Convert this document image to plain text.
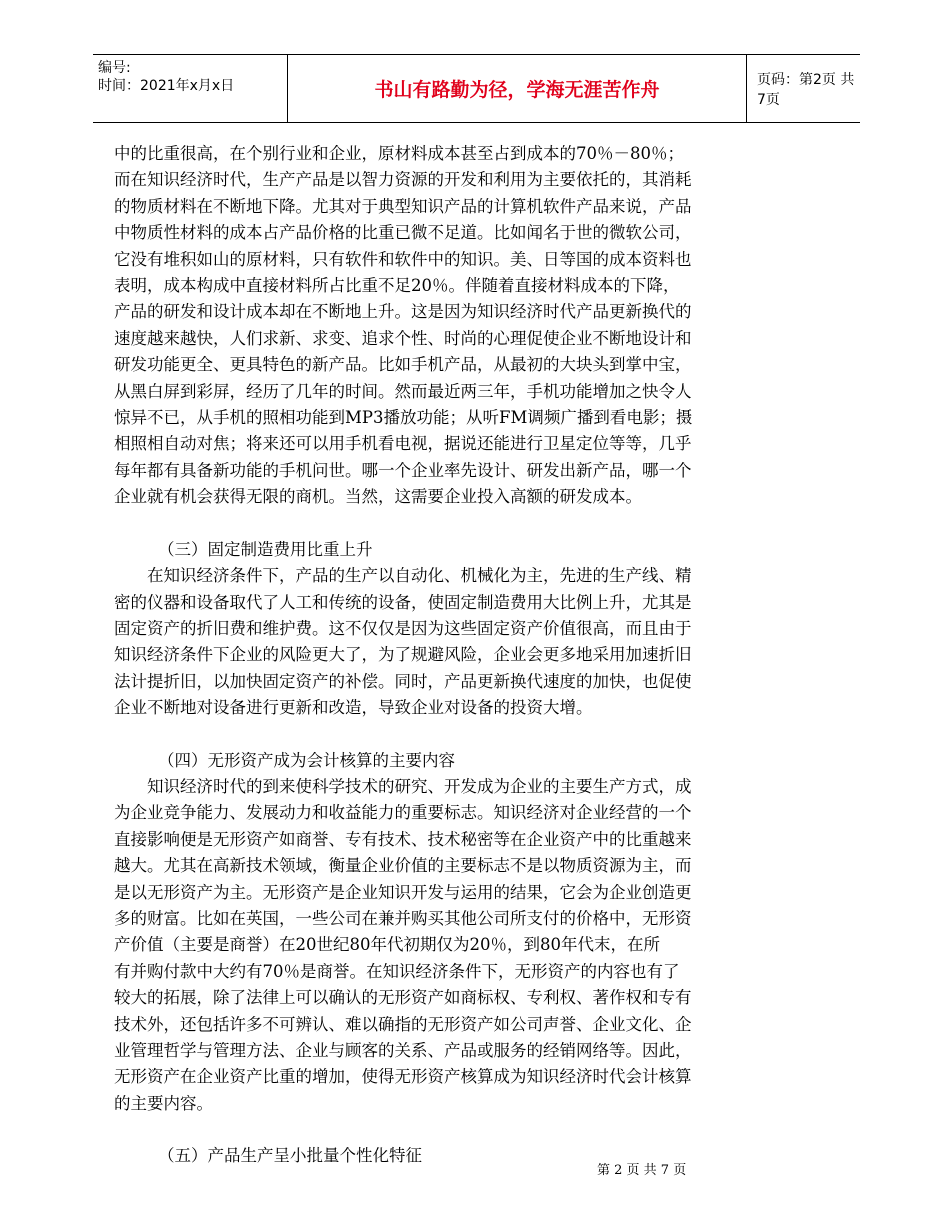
编号:
时间：2021年x月x日	书山有路勤为径，学海无涯苦作舟	页码：第2页 共7页

中的比重很高，在个别行业和企业，原材料成本甚至占到成本的70％－80％；

而在知识经济时代，生产产品是以智力资源的开发和利用为主要依托的，其消耗

的物质材料在不断地下降。尤其对于典型知识产品的计算机软件产品来说，产品

中物质性材料的成本占产品价格的比重已微不足道。比如闻名于世的微软公司，

它没有堆积如山的原材料，只有软件和软件中的知识。美、日等国的成本资料也

表明，成本构成中直接材料所占比重不足20％。伴随着直接材料成本的下降，

产品的研发和设计成本却在不断地上升。这是因为知识经济时代产品更新换代的

速度越来越快，人们求新、求变、追求个性、时尚的心理促使企业不断地设计和

研发功能更全、更具特色的新产品。比如手机产品，从最初的大块头到掌中宝，

从黑白屏到彩屏，经历了几年的时间。然而最近两三年，手机功能增加之快令人

惊异不已，从手机的照相功能到MP3播放功能；从听FM调频广播到看电影；摄

相照相自动对焦；将来还可以用手机看电视，据说还能进行卫星定位等等，几乎

每年都有具备新功能的手机问世。哪一个企业率先设计、研发出新产品，哪一个

企业就有机会获得无限的商机。当然，这需要企业投入高额的研发成本。

（三）固定制造费用比重上升

在知识经济条件下，产品的生产以自动化、机械化为主，先进的生产线、精

密的仪器和设备取代了人工和传统的设备，使固定制造费用大比例上升，尤其是

固定资产的折旧费和维护费。这不仅仅是因为这些固定资产价值很高，而且由于

知识经济条件下企业的风险更大了，为了规避风险，企业会更多地采用加速折旧

法计提折旧，以加快固定资产的补偿。同时，产品更新换代速度的加快，也促使

企业不断地对设备进行更新和改造，导致企业对设备的投资大增。

（四）无形资产成为会计核算的主要内容

知识经济时代的到来使科学技术的研究、开发成为企业的主要生产方式，成

为企业竞争能力、发展动力和收益能力的重要标志。知识经济对企业经营的一个

直接影响便是无形资产如商誉、专有技术、技术秘密等在企业资产中的比重越来

越大。尤其在高新技术领域，衡量企业价值的主要标志不是以物质资源为主，而

是以无形资产为主。无形资产是企业知识开发与运用的结果，它会为企业创造更

多的财富。比如在英国，一些公司在兼并购买其他公司所支付的价格中，无形资

产价值（主要是商誉）在20世纪80年代初期仅为20％，到80年代末，在所

有并购付款中大约有70％是商誉。在知识经济条件下，无形资产的内容也有了

较大的拓展，除了法律上可以确认的无形资产如商标权、专利权、著作权和专有

技术外，还包括许多不可辨认、难以确指的无形资产如公司声誉、企业文化、企

业管理哲学与管理方法、企业与顾客的关系、产品或服务的经销网络等。因此，

无形资产在企业资产比重的增加，使得无形资产核算成为知识经济时代会计核算

的主要内容。

（五）产品生产呈小批量个性化特征

第 2 页 共 7 页
